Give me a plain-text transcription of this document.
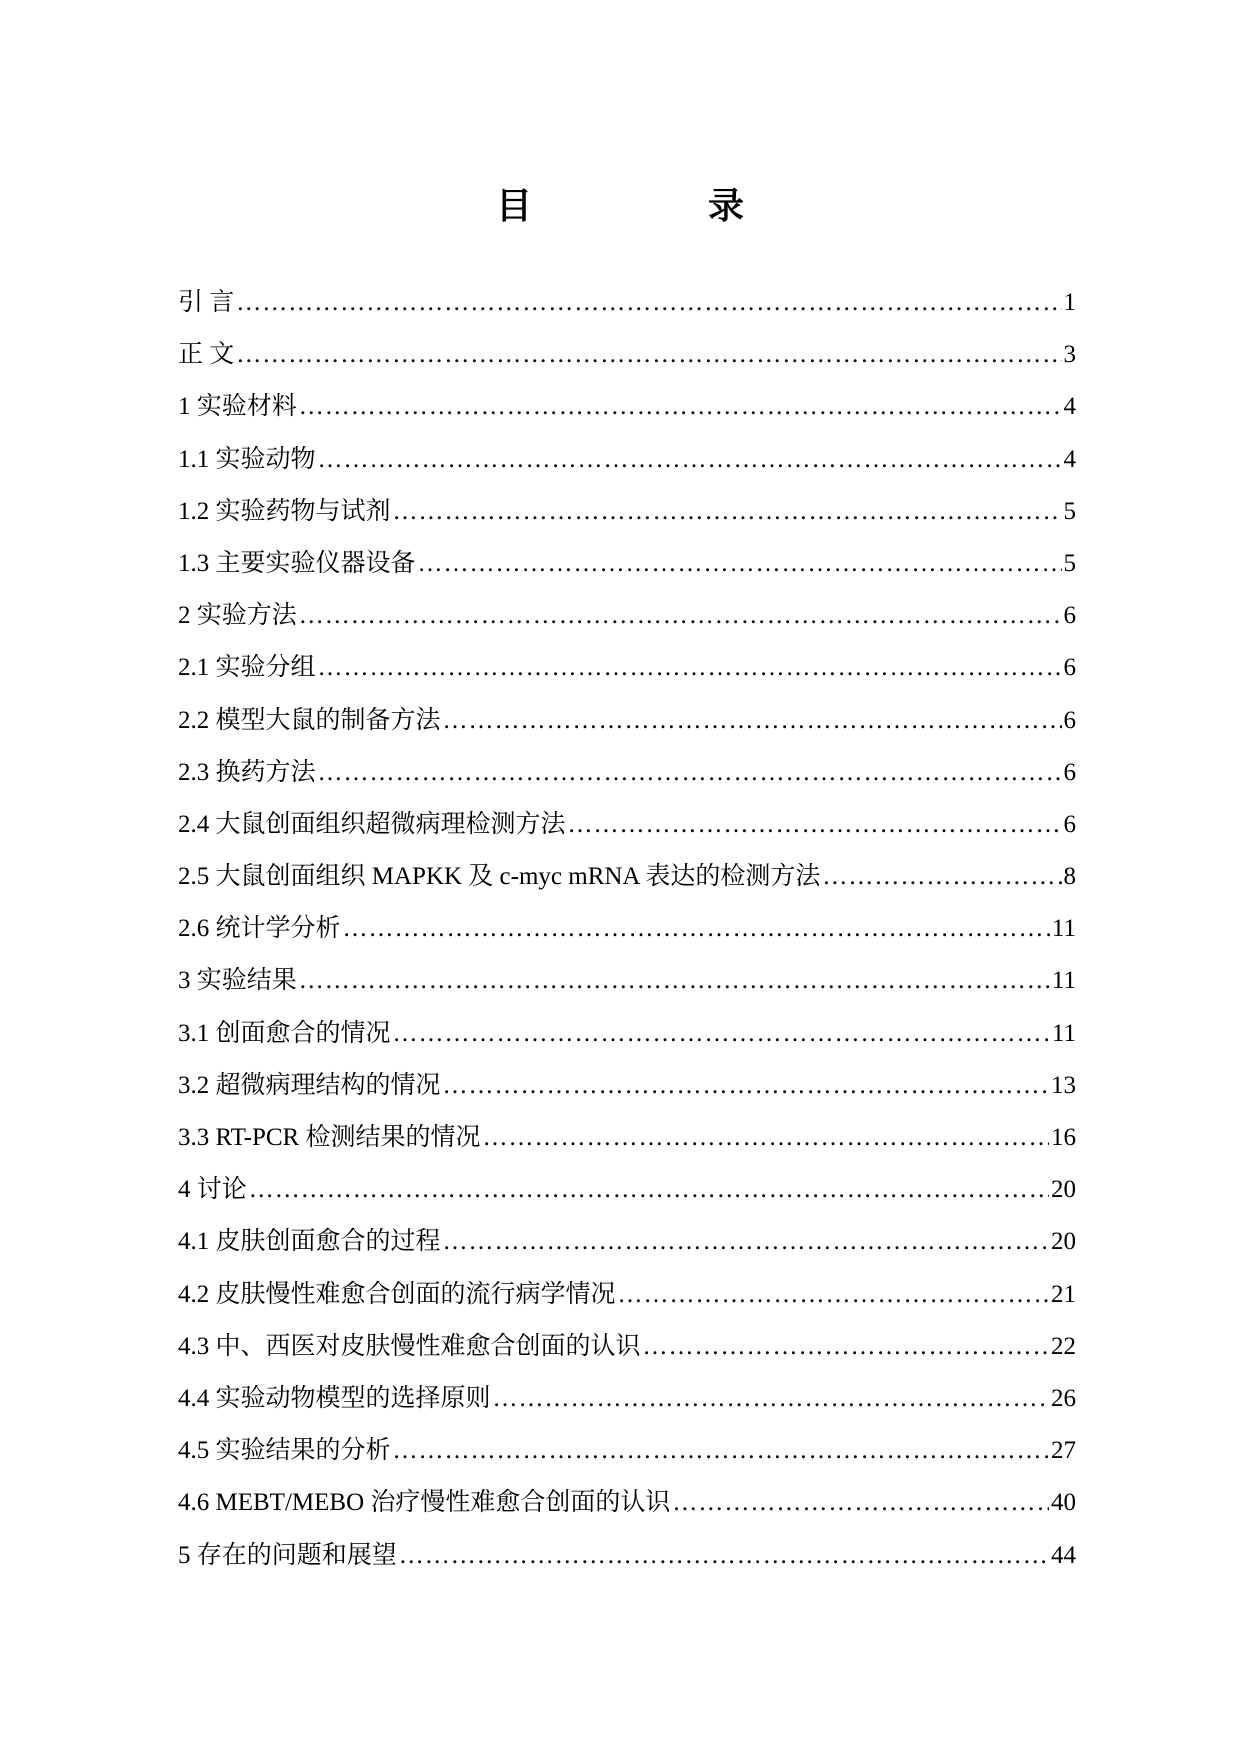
目　录
引 言 ……………………………………………………………………………………………………………………………………………………………………	1
正 文 ……………………………………………………………………………………………………………………………………………………………………	3
1 实验材料 ……………………………………………………………………………………………………………………………………………………………………	4
1.1 实验动物 ……………………………………………………………………………………………………………………………………………………………………	4
1.2 实验药物与试剂 ……………………………………………………………………………………………………………………………………………………………………	5
1.3 主要实验仪器设备 ……………………………………………………………………………………………………………………………………………………………………	5
2 实验方法 ……………………………………………………………………………………………………………………………………………………………………	6
2.1 实验分组 ……………………………………………………………………………………………………………………………………………………………………	6
2.2 模型大鼠的制备方法 ……………………………………………………………………………………………………………………………………………………………………	6
2.3 换药方法 ……………………………………………………………………………………………………………………………………………………………………	6
2.4 大鼠创面组织超微病理检测方法 ……………………………………………………………………………………………………………………………………………………………………	6
2.5 大鼠创面组织 MAPKK 及 c-myc mRNA 表达的检测方法 ……………………………………………………………………………………………………………………………………………………………………	8
2.6 统计学分析 ……………………………………………………………………………………………………………………………………………………………………	11
3 实验结果 ……………………………………………………………………………………………………………………………………………………………………	11
3.1 创面愈合的情况 ……………………………………………………………………………………………………………………………………………………………………	11
3.2 超微病理结构的情况 ……………………………………………………………………………………………………………………………………………………………………	13
3.3 RT-PCR 检测结果的情况 ……………………………………………………………………………………………………………………………………………………………………	16
4 讨论 ……………………………………………………………………………………………………………………………………………………………………	20
4.1 皮肤创面愈合的过程 ……………………………………………………………………………………………………………………………………………………………………	20
4.2 皮肤慢性难愈合创面的流行病学情况 ……………………………………………………………………………………………………………………………………………………………………	21
4.3 中、西医对皮肤慢性难愈合创面的认识 ……………………………………………………………………………………………………………………………………………………………………	22
4.4 实验动物模型的选择原则 ……………………………………………………………………………………………………………………………………………………………………	26
4.5 实验结果的分析 ……………………………………………………………………………………………………………………………………………………………………	27
4.6 MEBT/MEBO 治疗慢性难愈合创面的认识 ……………………………………………………………………………………………………………………………………………………………………	40
5 存在的问题和展望 ……………………………………………………………………………………………………………………………………………………………………	44
